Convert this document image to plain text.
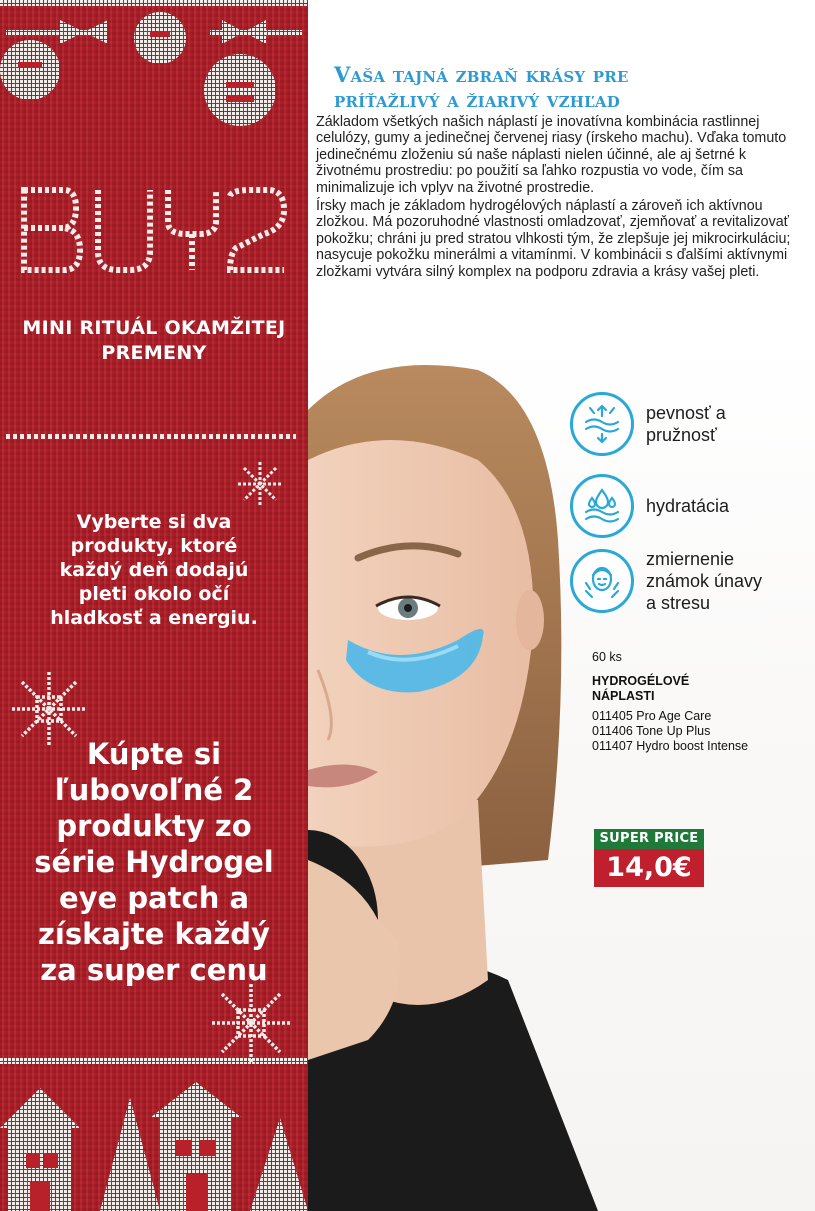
MINI RITUÁL OKAMŽITEJ PREMENY
Vyberte si dva produkty, ktoré každý deň dodajú pleti okolo očí hladkosť a energiu.
Kúpte si ľubovoľné 2 produkty zo série Hydrogel eye patch a získajte každý za super cenu
Vaša tajná zbraň krásy pre
príťažlivý a žiarivý vzhľad

Základom všetkých našich náplastí je inovatívna kombinácia rastlinnej celulózy, gumy a jedinečnej červenej riasy (írskeho machu). Vďaka tomuto jedinečnému zloženiu sú naše náplasti nielen účinné, ale aj šetrné k životnému prostrediu: po použití sa ľahko rozpustia vo vode, čím sa minimalizuje ich vplyv na životné prostredie.

Írsky mach je základom hydrogélových náplastí a zároveň ich aktívnou zložkou. Má pozoruhodné vlastnosti omladzovať, zjemňovať a revitalizovať pokožku; chráni ju pred stratou vlhkosti tým, že zlepšuje jej mikrocirkuláciu; nasycuje pokožku minerálmi a vitamínmi. V kombinácii s ďalšími aktívnymi zložkami vytvára silný komplex na podporu zdravia a krásy vašej pleti.

pevnosť a
pružnosť
hydratácia
zmiernenie
známok únavy
a stresu
60 ks
HYDROGÉLOVÉ
NÁPLASTI
011405 Pro Age Care
011406 Tone Up Plus
011407 Hydro boost Intense
SUPER PRICE
14,0€
